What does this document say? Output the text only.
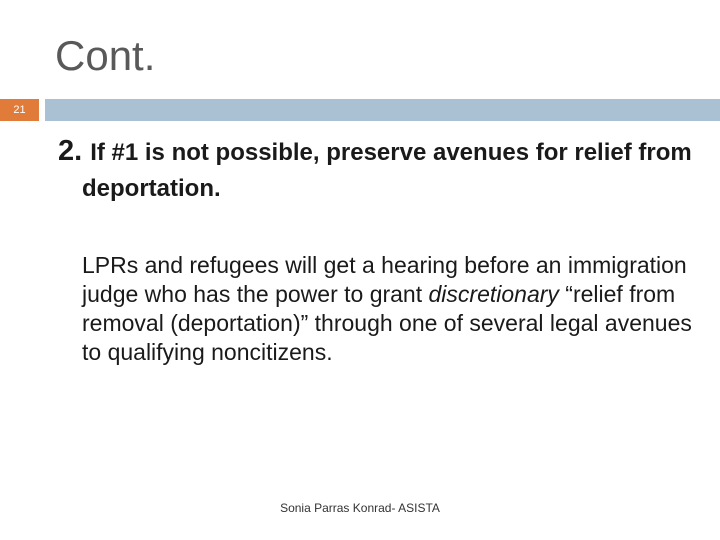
Cont.
21
2. If #1 is not possible, preserve avenues for relief from deportation.
LPRs and refugees will get a hearing before an immigration judge who has the power to grant discretionary “relief from removal (deportation)” through one of several legal avenues to qualifying noncitizens.
Sonia Parras Konrad- ASISTA
